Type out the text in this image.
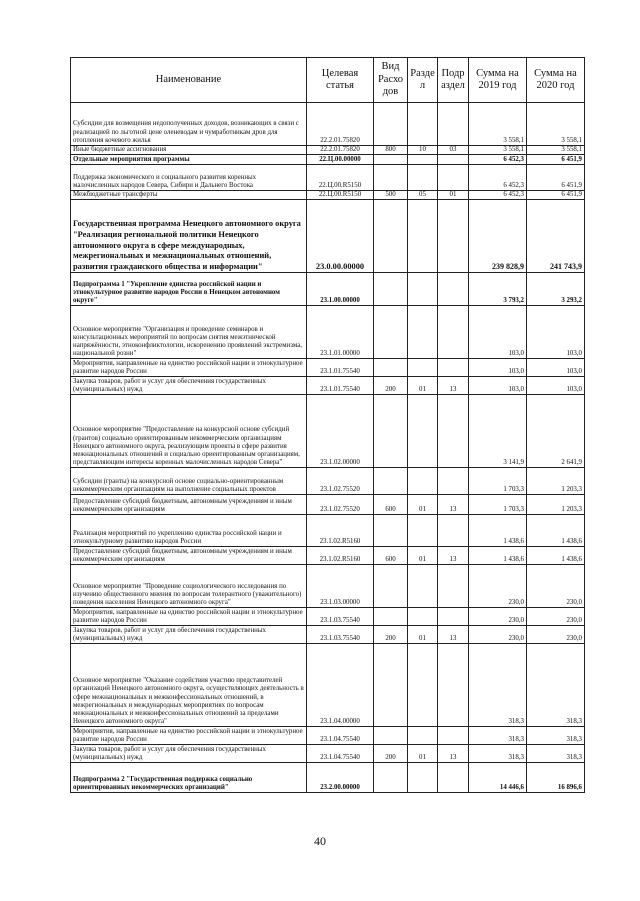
Наименование	Целевая статья	Вид Расхо дов	Разде л	Подр аздел	Сумма на 2019 год	Сумма на 2020 год
Субсидии для возмещения недополученных доходов, возникающих в связи с реализацией по льготной цене оленеводам и чумработникам дров для отопления кочевого жилья	22.2.01.75820				3 558,1	3 558,1
Иные бюджетные ассигнования	22.2.01.75820	800	10	03	3 558,1	3 558,1
Отдельные мероприятия программы	22.Ц.00.00000				6 452,3	6 451,9
Поддержка экономического и социального развития коренных малочисленных народов Севера, Сибири и Дальнего Востока	22.Ц.00.R5150				6 452,3	6 451,9
Межбюджетные трансферты	22.Ц.00.R5150	500	05	01	6 452,3	6 451,9
Государственная программа Ненецкого автономного округа "Реализация региональной политики Ненецкого автономного округа в сфере международных, межрегиональных и межнациональных отношений, развития гражданского общества и информации"	23.0.00.00000				239 828,9	241 743,9
Подпрограмма 1 "Укрепление единства российской нации и этнокультурное развитие народов России в Ненецком автономном округе"	23.1.00.00000				3 793,2	3 293,2
Основное мероприятие "Организация и проведение семинаров и консультационных мероприятий по вопросам снятия межэтнической напряжённости, этноконфликтологии, искоренению проявлений экстремизма, национальной розни"	23.1.01.00000				103,0	103,0
Мероприятия, направленные на единство российской нации и этнокультурное развитие народов России	23.1.01.75540				103,0	103,0
Закупка товаров, работ и услуг для обеспечения государственных (муниципальных) нужд	23.1.01.75540	200	01	13	103,0	103,0
Основное мероприятие "Предоставление на конкурсной основе субсидий (грантов) социально ориентированным некоммерческим организациям Ненецкого автономного округа, реализующим проекты в сфере развития межнациональных отношений и социально ориентированным организациям, представляющим интересы коренных малочисленных народов Севера"	23.1.02.00000				3 141,9	2 641,9
Субсидии (гранты) на конкурсной основе социально-ориентированным некоммерческим организациям на выполнение социальных проектов	23.1.02.75520				1 703,3	1 203,3
Предоставление субсидий бюджетным, автономным учреждениям и иным некоммерческим организациям	23.1.02.75520	600	01	13	1 703,3	1 203,3
Реализация мероприятий по укреплению единства российской нации и этнокультурному развитию народов России	23.1.02.R5160				1 438,6	1 438,6
Предоставление субсидий бюджетным, автономным учреждениям и иным некоммерческим организациям	23.1.02.R5160	600	01	13	1 438,6	1 438,6
Основное мероприятие "Проведение социологического исследования по изучению общественного мнения по вопросам толерантного (уважительного) поведения населения Ненецкого автономного округа"	23.1.03.00000				230,0	230,0
Мероприятия, направленные на единство российской нации и этнокультурное развитие народов России	23.1.03.75540				230,0	230,0
Закупка товаров, работ и услуг для обеспечения государственных (муниципальных) нужд	23.1.03.75540	200	01	13	230,0	230,0
Основное мероприятие "Оказание содействия участию представителей организаций Ненецкого автономного округа, осуществляющих деятельность в сфере межнациональных и межконфессиональных отношений, в межрегиональных и международных мероприятиях по вопросам межнациональных и межконфессиональных отношений за пределами Ненецкого автономного округа"	23.1.04.00000				318,3	318,3
Мероприятия, направленные на единство российской нации и этнокультурное развитие народов России	23.1.04.75540				318,3	318,3
Закупка товаров, работ и услуг для обеспечения государственных (муниципальных) нужд	23.1.04.75540	200	01	13	318,3	318,3
Подпрограмма 2 "Государственная поддержка социально ориентированных некоммерческих организаций"	23.2.00.00000				14 446,6	16 896,6
40
